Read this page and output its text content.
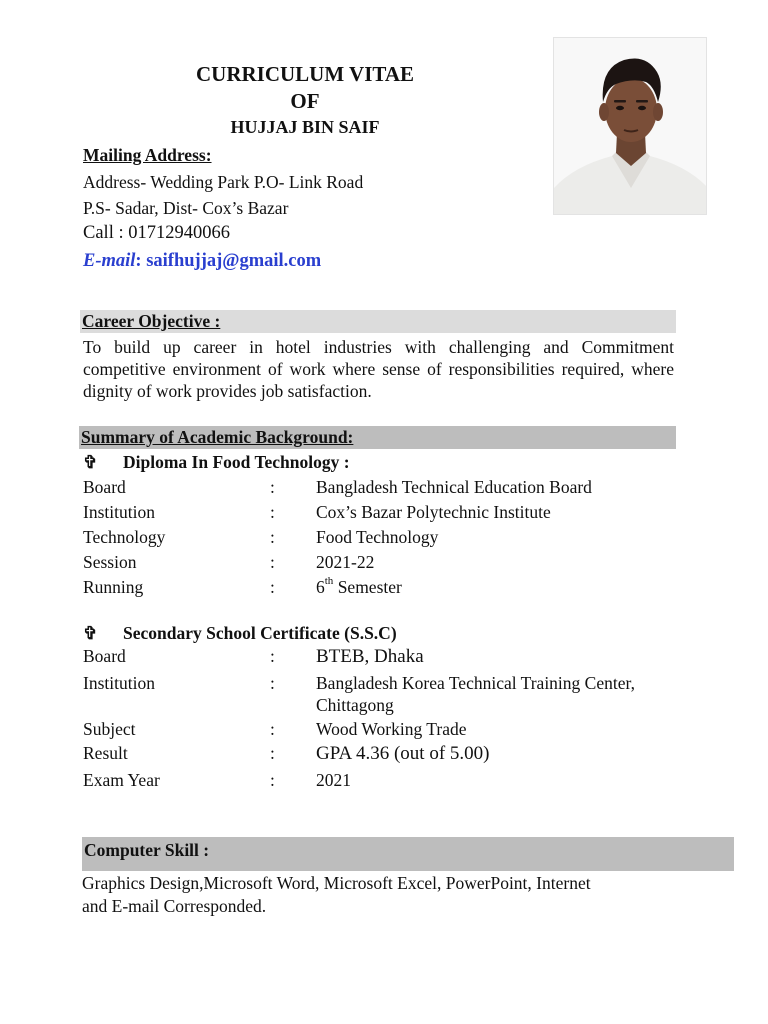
CURRICULUM VITAE
OF
HUJJAJ BIN SAIF
Mailing Address:
Address- Wedding Park P.O- Link Road
P.S- Sadar, Dist- Cox’s Bazar
Call : 01712940066
E-mail: saifhujjaj@gmail.com
Career Objective :
To build up career in hotel industries with challenging and Commitment competitive environment of work where sense of responsibilities required, where dignity of work provides job satisfaction.
Summary of Academic Background:
✞ Diploma In Food Technology :
Board	: Bangladesh Technical Education Board
Institution	: Cox’s Bazar Polytechnic Institute
Technology	: Food Technology
Session	: 2021-22
Running	: 6th Semester
✞ Secondary School Certificate (S.S.C)
Board	: BTEB, Dhaka
Institution	: Bangladesh Korea Technical Training Center,
Chittagong
Subject	: Wood Working Trade
Result	: GPA 4.36 (out of 5.00)
Exam Year	: 2021
Computer Skill :
Graphics Design,Microsoft Word, Microsoft Excel, PowerPoint, Internet
and E-mail Corresponded.
